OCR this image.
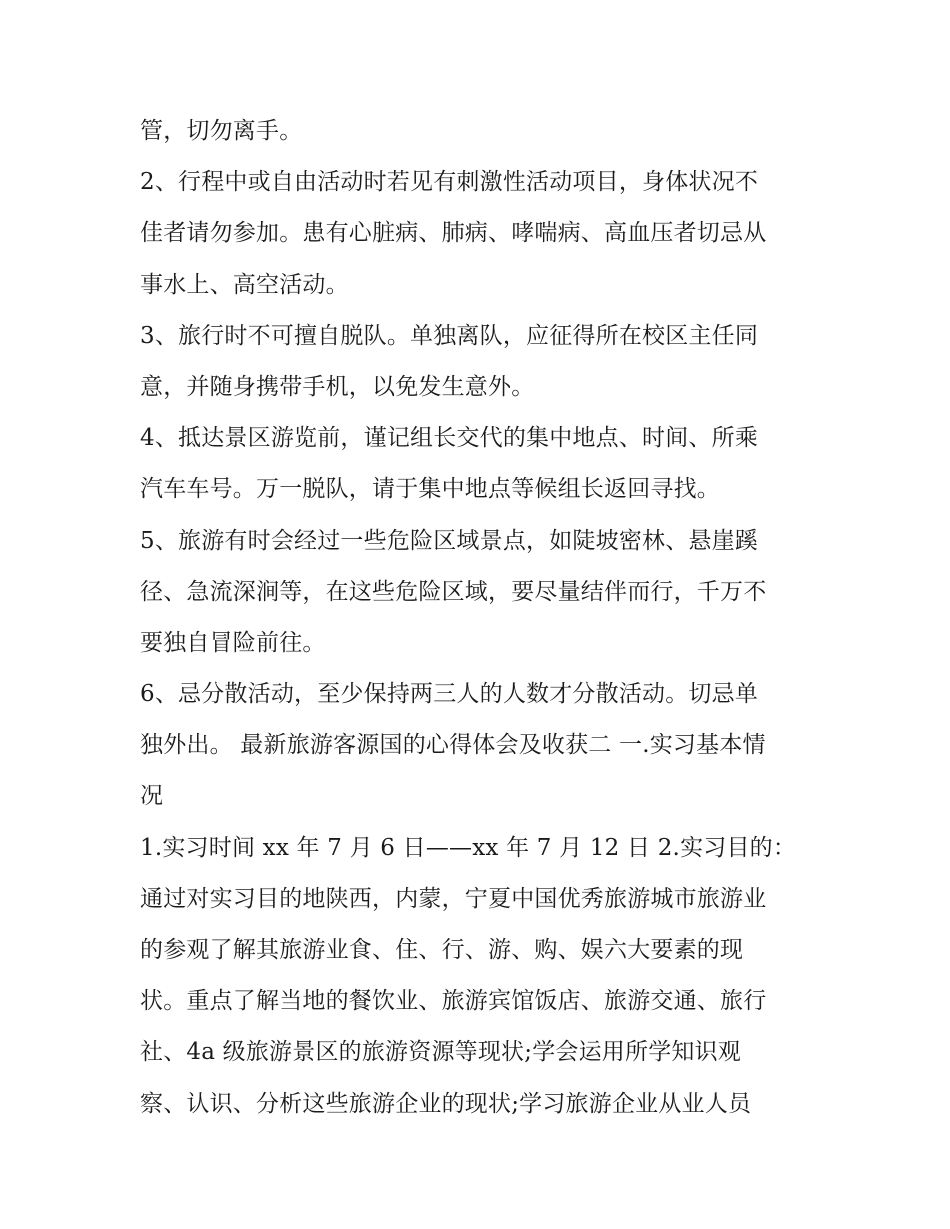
管，切勿离手。
2、行程中或自由活动时若见有刺激性活动项目，身体状况不
佳者请勿参加。患有心脏病、肺病、哮喘病、高血压者切忌从
事水上、高空活动。
3、旅行时不可擅自脱队。单独离队，应征得所在校区主任同
意，并随身携带手机，以免发生意外。
4、抵达景区游览前，谨记组长交代的集中地点、时间、所乘
汽车车号。万一脱队，请于集中地点等候组长返回寻找。
5、旅游有时会经过一些危险区域景点，如陡坡密林、悬崖蹊
径、急流深涧等，在这些危险区域，要尽量结伴而行，千万不
要独自冒险前往。
6、忌分散活动，至少保持两三人的人数才分散活动。切忌单
独外出。 最新旅游客源国的心得体会及收获二 一.实习基本情
况
1.实习时间 xx 年 7 月 6 日——xx 年 7 月 12 日 2.实习目的：
通过对实习目的地陕西，内蒙，宁夏中国优秀旅游城市旅游业
的参观了解其旅游业食、住、行、游、购、娱六大要素的现
状。重点了解当地的餐饮业、旅游宾馆饭店、旅游交通、旅行
社、4a 级旅游景区的旅游资源等现状;学会运用所学知识观
察、认识、分析这些旅游企业的现状;学习旅游企业从业人员
